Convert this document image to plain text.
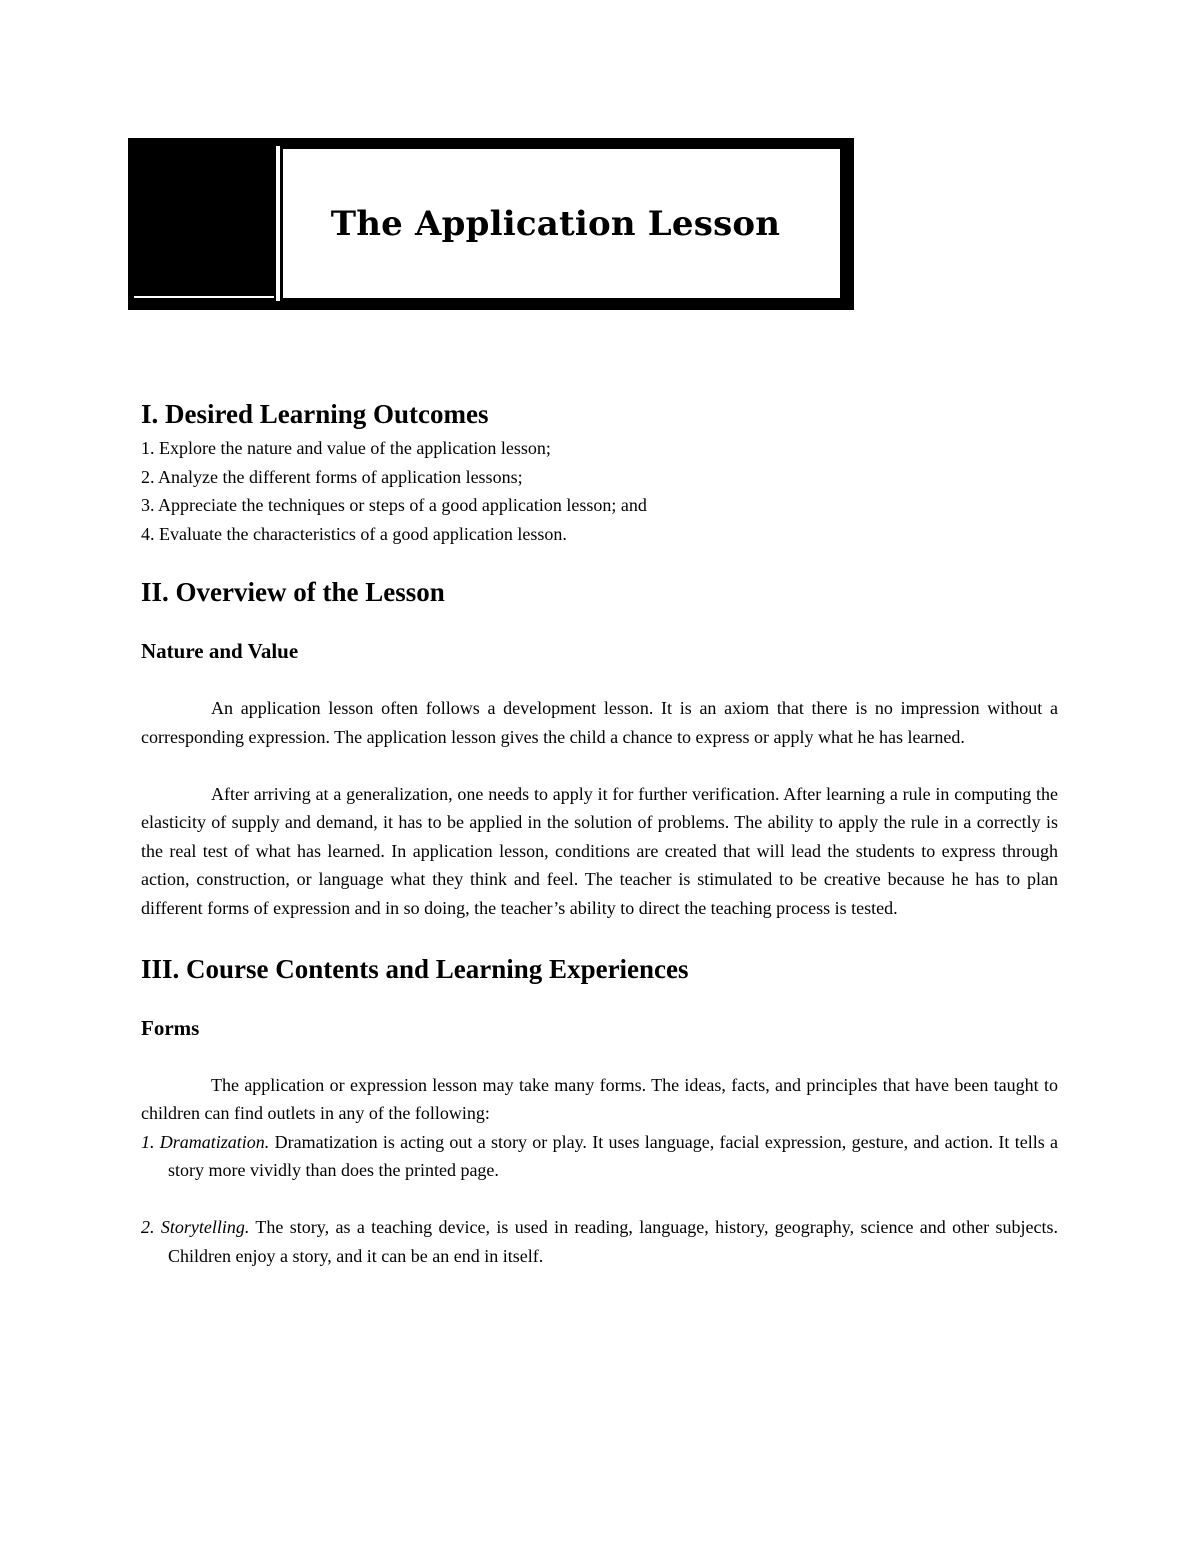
The Application Lesson
I. Desired Learning Outcomes
1. Explore the nature and value of the application lesson;
2. Analyze the different forms of application lessons;
3. Appreciate the techniques or steps of a good application lesson; and
4. Evaluate the characteristics of a good application lesson.
II. Overview of the Lesson
Nature and Value

An application lesson often follows a development lesson. It is an axiom that there is no impression without a corresponding expression. The application lesson gives the child a chance to express or apply what he has learned.

After arriving at a generalization, one needs to apply it for further verification. After learning a rule in computing the elasticity of supply and demand, it has to be applied in the solution of problems. The ability to apply the rule in a correctly is the real test of what has learned. In application lesson, conditions are created that will lead the students to express through action, construction, or language what they think and feel. The teacher is stimulated to be creative because he has to plan different forms of expression and in so doing, the teacher’s ability to direct the teaching process is tested.

III. Course Contents and Learning Experiences
Forms

The application or expression lesson may take many forms. The ideas, facts, and principles that have been taught to children can find outlets in any of the following:

1. Dramatization. Dramatization is acting out a story or play. It uses language, facial expression, gesture, and action. It tells a story more vividly than does the printed page.
2. Storytelling. The story, as a teaching device, is used in reading, language, history, geography, science and other subjects. Children enjoy a story, and it can be an end in itself.
